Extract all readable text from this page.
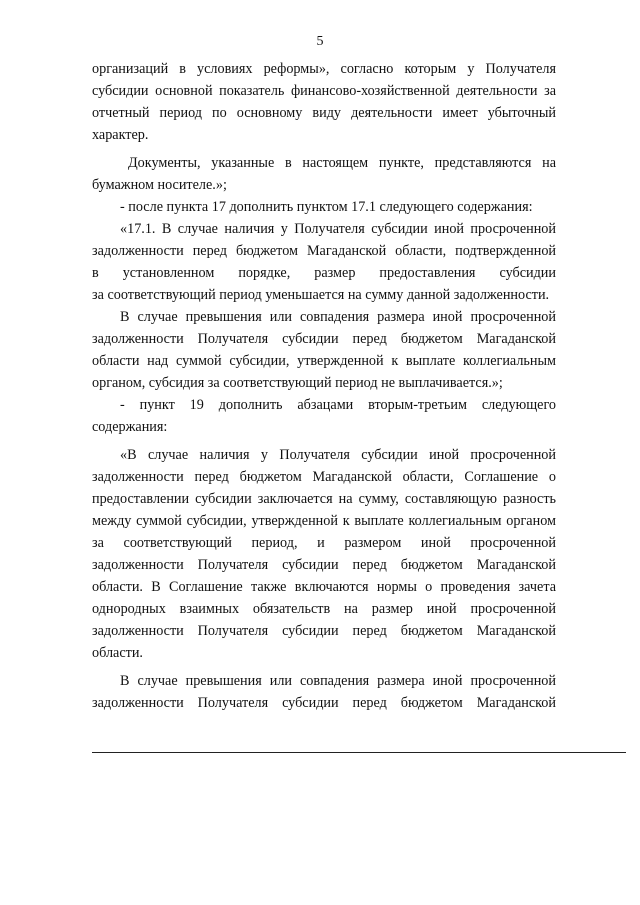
5
организаций в условиях реформы», согласно которым у Получателя
субсидии основной показатель финансово-хозяйственной деятельности за
отчетный период по основному виду деятельности имеет убыточный
характер.
Документы, указанные в настоящем пункте, представляются на
бумажном носителе.»;
- после пункта 17 дополнить пунктом 17.1 следующего содержания:
«17.1. В случае наличия у Получателя субсидии иной просроченной
задолженности перед бюджетом Магаданской области, подтвержденной
в установленном порядке, размер предоставления субсидии
за соответствующий период уменьшается на сумму данной задолженности.
В случае превышения или совпадения размера иной просроченной
задолженности Получателя субсидии перед бюджетом Магаданской
области над суммой субсидии, утвержденной к выплате коллегиальным
органом, субсидия за соответствующий период не выплачивается.»;
- пункт 19 дополнить абзацами вторым-третьим следующего
содержания:
«В случае наличия у Получателя субсидии иной просроченной
задолженности перед бюджетом Магаданской области, Соглашение о
предоставлении субсидии заключается на сумму, составляющую разность
между суммой субсидии, утвержденной к выплате коллегиальным органом
за соответствующий период, и размером иной просроченной
задолженности Получателя субсидии перед бюджетом Магаданской
области. В Соглашение также включаются нормы о проведения зачета
однородных взаимных обязательств на размер иной просроченной
задолженности Получателя субсидии перед бюджетом Магаданской
области.
В случае превышения или совпадения размера иной просроченной
задолженности Получателя субсидии перед бюджетом Магаданской
